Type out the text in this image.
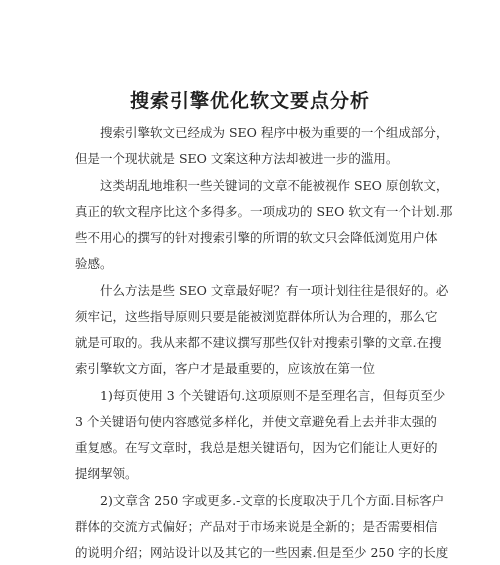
搜索引擎优化软文要点分析
搜索引擎软文已经成为 SEO 程序中极为重要的一个组成部分，
但是一个现状就是 SEO 文案这种方法却被进一步的滥用。
这类胡乱地堆积一些关键词的文章不能被视作 SEO 原创软文，
真正的软文程序比这个多得多。一项成功的 SEO 软文有一个计划.那
些不用心的撰写的针对搜索引擎的所谓的软文只会降低浏览用户体
验感。
什么方法是些 SEO 文章最好呢？有一项计划往往是很好的。必
须牢记，这些指导原则只要是能被浏览群体所认为合理的，那么它
就是可取的。我从来都不建议撰写那些仅针对搜索引擎的文章.在搜
索引擎软文方面，客户才是最重要的，应该放在第一位
1)每页使用 3 个关键语句.这项原则不是至理名言，但每页至少
3 个关键语句使内容感觉多样化，并使文章避免看上去并非太强的
重复感。在写文章时，我总是想关键语句，因为它们能让人更好的
提纲挈领。
2)文章含 250 字或更多.-文章的长度取决于几个方面.目标客户
群体的交流方式偏好；产品对于市场来说是全新的；是否需要相信
的说明介绍；网站设计以及其它的一些因素.但是至少 250 字的长度
